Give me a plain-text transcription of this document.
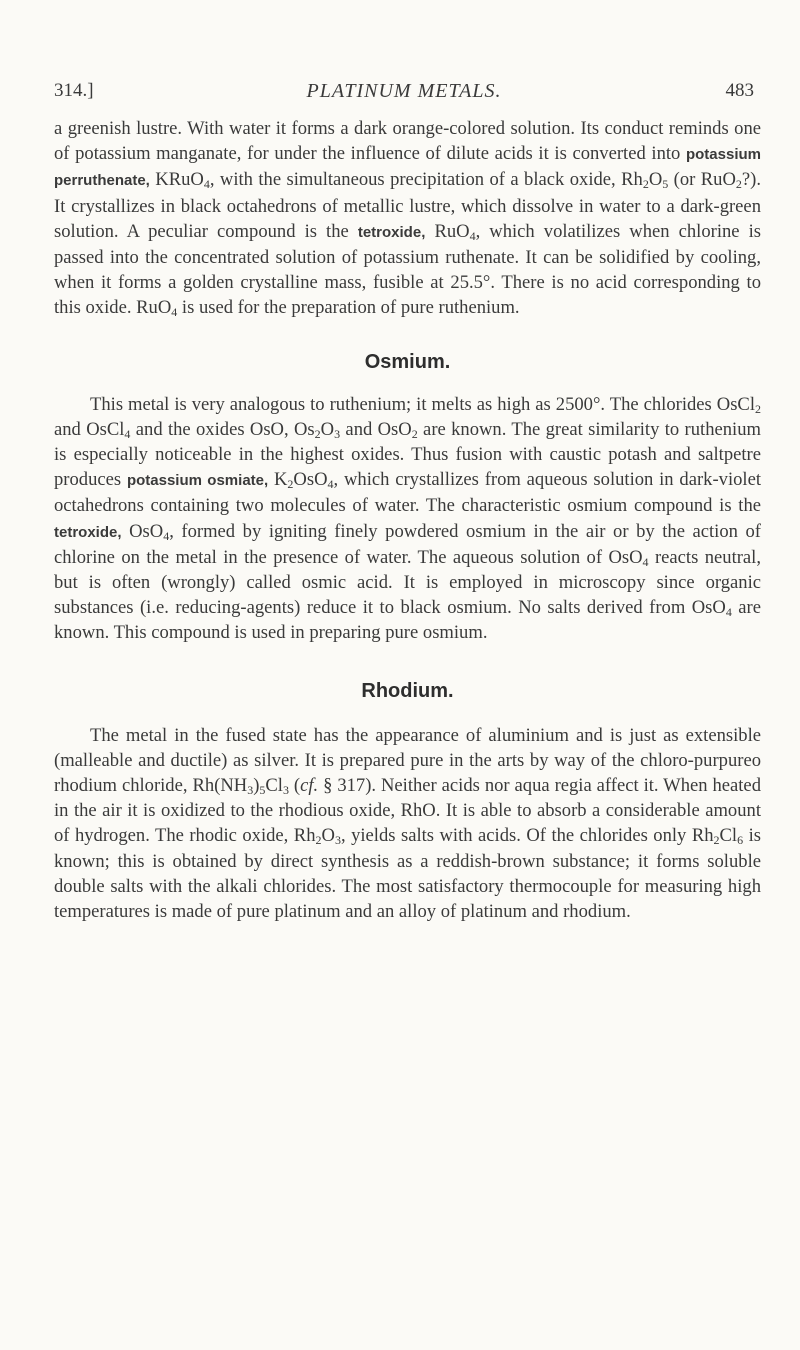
314.]	PLATINUM METALS.	483

a greenish lustre. With water it forms a dark orange-colored solution. Its conduct reminds one of potassium manganate, for under the influence of dilute acids it is converted into potassium perruthenate, KRuO$_4$, with the simultaneous precipitation of a black oxide, $Rh_2O_5$ (or RuO$_2$?). It crystallizes in black octahedrons of metallic lustre, which dissolve in water to a dark-green solution. A peculiar compound is the tetroxide, RuO$_4$, which volatilizes when chlorine is passed into the concentrated solution of potassium ruthenate. It can be solidified by cooling, when it forms a golden crystalline mass, fusible at 25.5°. There is no acid corresponding to this oxide. RuO$_4$ is used for the preparation of pure ruthenium.

Osmium.

This metal is very analogous to ruthenium; it melts as high as 2500°. The chlorides OsCl$_2$ and OsCl$_4$ and the oxides OsO, $Os_2O_3$ and OsO$_2$ are known. The great similarity to ruthenium is especially noticeable in the highest oxides. Thus fusion with caustic potash and saltpetre produces potassium osmiate, $K_2OsO_4$, which crystallizes from aqueous solution in dark-violet octahedrons containing two molecules of water. The characteristic osmium compound is the tetroxide, OsO$_4$, formed by igniting finely powdered osmium in the air or by the action of chlorine on the metal in the presence of water. The aqueous solution of OsO$_4$ reacts neutral, but is often (wrongly) called osmic acid. It is employed in microscopy since organic substances (i.e. reducing-agents) reduce it to black osmium. No salts derived from OsO$_4$ are known. This compound is used in preparing pure osmium.

Rhodium.

The metal in the fused state has the appearance of aluminium and is just as extensible (malleable and ductile) as silver. It is prepared pure in the arts by way of the chloro-purpureo rhodium chloride, $Rh(NH_3)_5Cl_3$ (cf. § 317). Neither acids nor aqua regia affect it. When heated in the air it is oxidized to the rhodious oxide, RhO. It is able to absorb a considerable amount of hydrogen. The rhodic oxide, $Rh_2O_3$, yields salts with acids. Of the chlorides only $Rh_2Cl_6$ is known; this is obtained by direct synthesis as a reddish-brown substance; it forms soluble double salts with the alkali chlorides. The most satisfactory thermocouple for measuring high temperatures is made of pure platinum and an alloy of platinum and rhodium.
